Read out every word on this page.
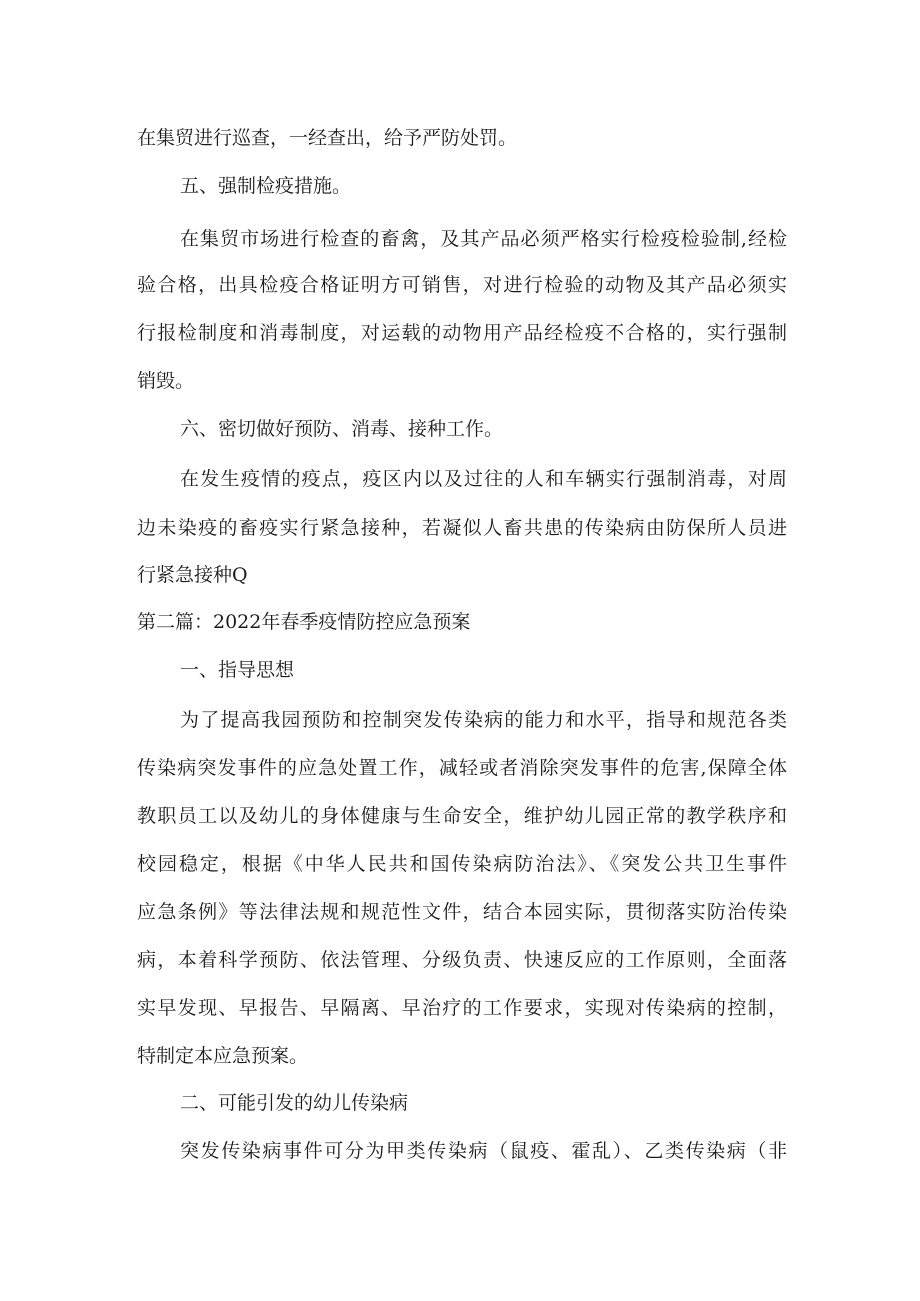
在集贸进行巡查，一经查出，给予严防处罚。
五、强制检疫措施。
在集贸市场进行检查的畜禽，及其产品必须严格实行检疫检验制,经检
验合格，出具检疫合格证明方可销售，对进行检验的动物及其产品必须实
行报检制度和消毒制度，对运载的动物用产品经检疫不合格的，实行强制
销毁。
六、密切做好预防、消毒、接种工作。
在发生疫情的疫点，疫区内以及过往的人和车辆实行强制消毒，对周
边未染疫的畜疫实行紧急接种，若凝似人畜共患的传染病由防保所人员进
行紧急接种Q
第二篇：2022年春季疫情防控应急预案
一、指导思想
为了提高我园预防和控制突发传染病的能力和水平，指导和规范各类
传染病突发事件的应急处置工作，减轻或者消除突发事件的危害,保障全体
教职员工以及幼儿的身体健康与生命安全，维护幼儿园正常的教学秩序和
校园稳定，根据《中华人民共和国传染病防治法》、《突发公共卫生事件
应急条例》等法律法规和规范性文件，结合本园实际，贯彻落实防治传染
病，本着科学预防、依法管理、分级负责、快速反应的工作原则，全面落
实早发现、早报告、早隔离、早治疗的工作要求，实现对传染病的控制，
特制定本应急预案。
二、可能引发的幼儿传染病
突发传染病事件可分为甲类传染病（鼠疫、霍乱）、乙类传染病（非
